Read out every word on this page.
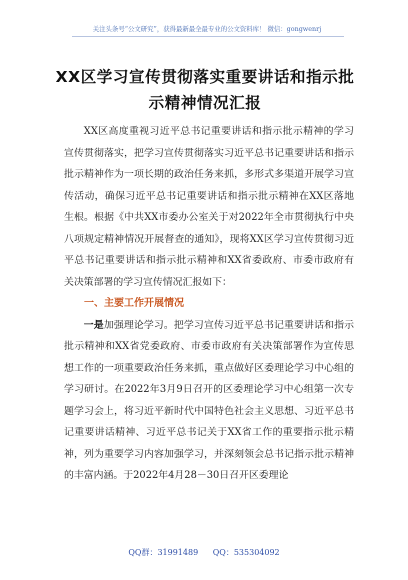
关注头条号“公文研究”，获得最新最全最专业的公文资料库！ 微信：gongwenrj
XX区学习宣传贯彻落实重要讲话和指示批示精神情况汇报

XX区高度重视习近平总书记重要讲话和指示批示精神的学习宣传贯彻落实，把学习宣传贯彻落实习近平总书记重要讲话和指示批示精神作为一项长期的政治任务来抓，多形式多渠道开展学习宣传活动，确保习近平总书记重要讲话和指示批示精神在XX区落地生根。根据《中共XX市委办公室关于对2022年全市贯彻执行中央八项规定精神情况开展督查的通知》，现将XX区学习宣传贯彻习近平总书记重要讲话和指示批示精神和XX省委政府、市委市政府有关决策部署的学习宣传情况汇报如下：

一、主要工作开展情况

一是加强理论学习。把学习宣传习近平总书记重要讲话和指示批示精神和XX省党委政府、市委市政府有关决策部署作为宣传思想工作的一项重要政治任务来抓，重点做好区委理论学习中心组的学习研讨。在2022年3月9日召开的区委理论学习中心组第一次专题学习会上，将习近平新时代中国特色社会主义思想、习近平总书记重要讲话精神、习近平总书记关于XX省工作的重要指示批示精神，列为重要学习内容加强学习，并深刻领会总书记指示批示精神的丰富内涵。于2022年4月28－30日召开区委理论

QQ群：31991489 QQ：535304092
